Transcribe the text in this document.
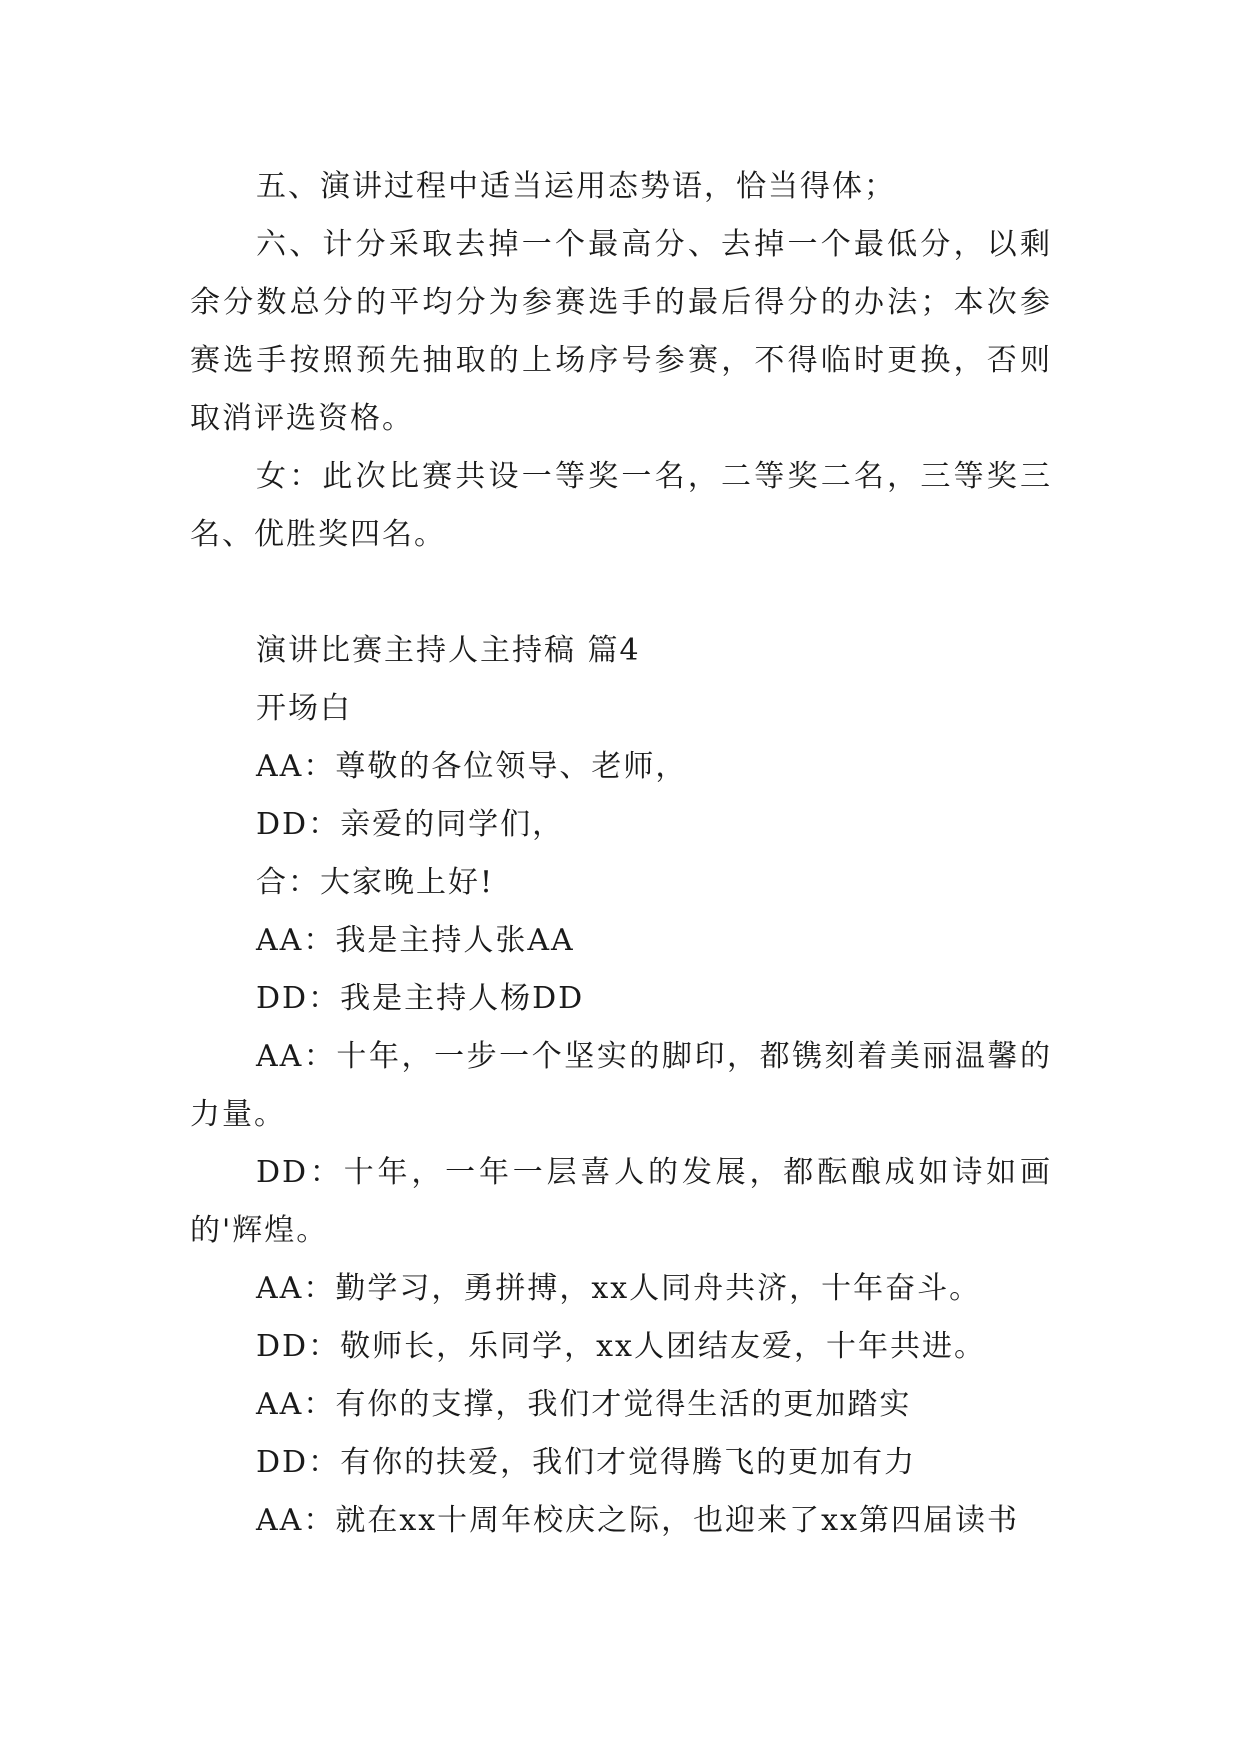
五、演讲过程中适当运用态势语，恰当得体；

六、计分采取去掉一个最高分、去掉一个最低分，以剩余分数总分的平均分为参赛选手的最后得分的办法；本次参赛选手按照预先抽取的上场序号参赛，不得临时更换，否则取消评选资格。

女：此次比赛共设一等奖一名，二等奖二名，三等奖三名、优胜奖四名。

演讲比赛主持人主持稿 篇4

开场白

AA：尊敬的各位领导、老师，

DD：亲爱的同学们，

合：大家晚上好!

AA：我是主持人张AA

DD：我是主持人杨DD

AA：十年，一步一个坚实的脚印，都镌刻着美丽温馨的力量。

DD：十年，一年一层喜人的发展，都酝酿成如诗如画的'辉煌。

AA：勤学习，勇拼搏，xx人同舟共济，十年奋斗。

DD：敬师长，乐同学，xx人团结友爱，十年共进。

AA：有你的支撑，我们才觉得生活的更加踏实

DD：有你的扶爱，我们才觉得腾飞的更加有力

AA：就在xx十周年校庆之际，也迎来了xx第四届读书
